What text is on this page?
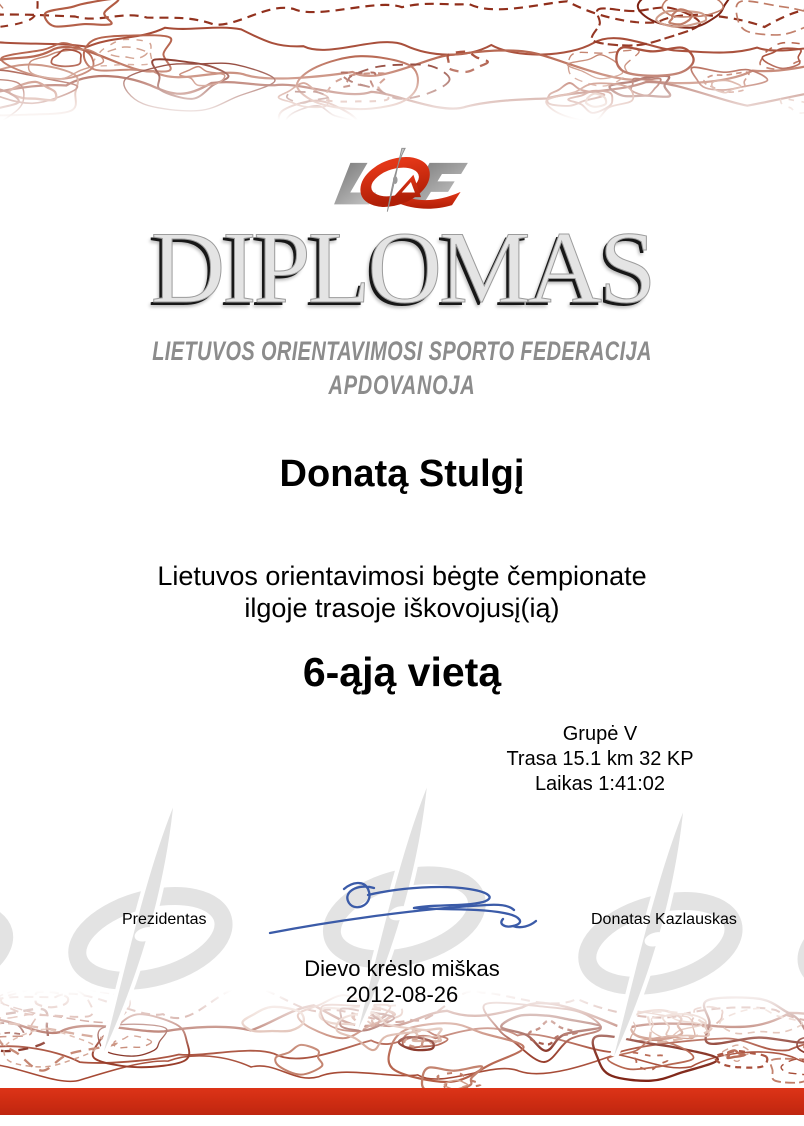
DIPLOMAS
LIETUVOS ORIENTAVIMOSI SPORTO FEDERACIJA
APDOVANOJA
Donatą Stulgį
Lietuvos orientavimosi bėgte čempionate
ilgoje trasoje iškovojusį(ią)
6-ąją vietą
Grupė V
Trasa 15.1 km 32 KP
Laikas 1:41:02
Prezidentas	Donatas Kazlauskas
Dievo krėslo miškas
2012-08-26
